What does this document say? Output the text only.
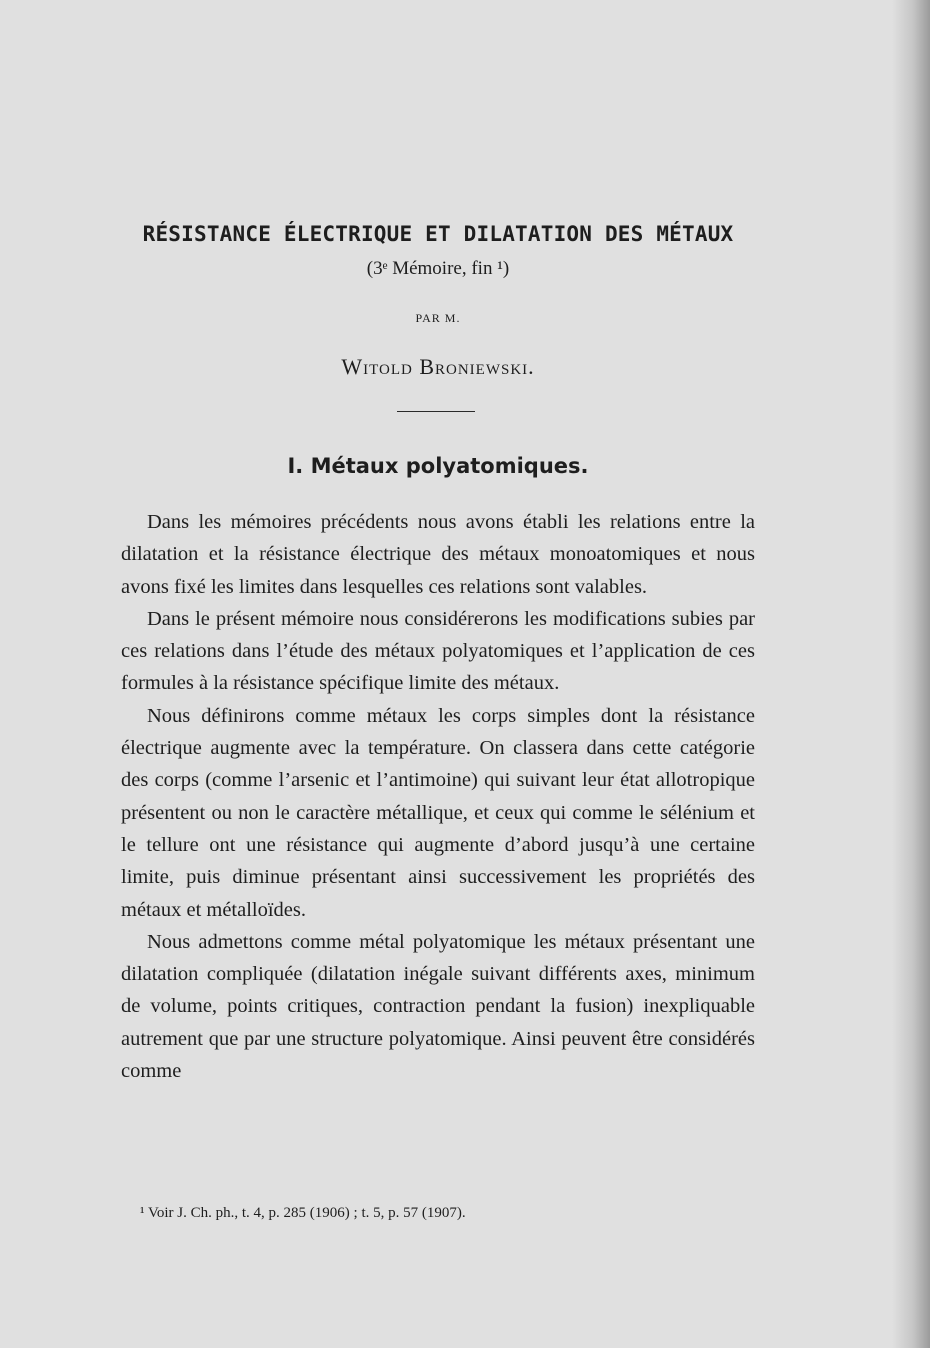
RÉSISTANCE ÉLECTRIQUE ET DILATATION DES MÉTAUX
(3ᵉ Mémoire, fin ¹)
PAR M.
Witold Broniewski.
I. Métaux polyatomiques.

Dans les mémoires précédents nous avons établi les relations entre la dilatation et la résistance électrique des métaux monoatomiques et nous avons fixé les limites dans lesquelles ces relations sont valables.

Dans le présent mémoire nous considérerons les modifications subies par ces relations dans l’étude des métaux polyatomiques et l’application de ces formules à la résistance spécifique limite des métaux.

Nous définirons comme métaux les corps simples dont la résistance électrique augmente avec la température. On classera dans cette catégorie des corps (comme l’arsenic et l’antimoine) qui suivant leur état allotropique présentent ou non le caractère métallique, et ceux qui comme le sélénium et le tellure ont une résistance qui augmente d’abord jusqu’à une certaine limite, puis diminue présentant ainsi successivement les propriétés des métaux et métalloïdes.

Nous admettons comme métal polyatomique les métaux présentant une dilatation compliquée (dilatation inégale suivant différents axes, minimum de volume, points critiques, contraction pendant la fusion) inexpliquable autrement que par une structure polyatomique. Ainsi peuvent être considérés comme

¹ Voir J. Ch. ph., t. 4, p. 285 (1906) ; t. 5, p. 57 (1907).
